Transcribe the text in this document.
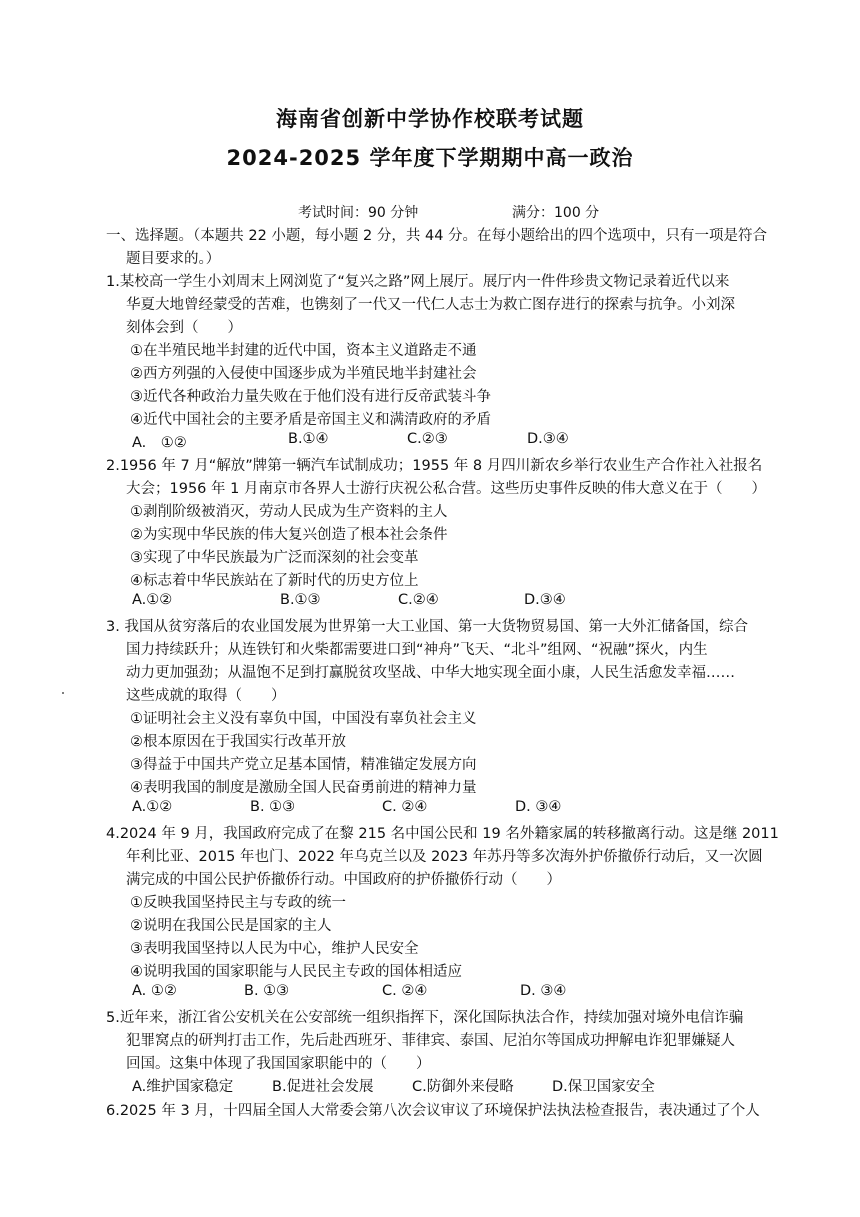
海南省创新中学协作校联考试题
2024-2025 学年度下学期期中高一政治
考试时间：90 分钟	满分：100 分
一、选择题。（本题共 22 小题，每小题 2 分，共 44 分。在每小题给出的四个选项中，只有一项是符合
题目要求的。）
1.某校高一学生小刘周末上网浏览了“复兴之路”网上展厅。展厅内一件件珍贵文物记录着近代以来
华夏大地曾经蒙受的苦难，也镌刻了一代又一代仁人志士为救亡图存进行的探索与抗争。小刘深
刻体会到（　　）
①在半殖民地半封建的近代中国，资本主义道路走不通
②西方列强的入侵使中国逐步成为半殖民地半封建社会
③近代各种政治力量失败在于他们没有进行反帝武装斗争
④近代中国社会的主要矛盾是帝国主义和满清政府的矛盾
A.　①②	B.①④	C.②③	D.③④
2.1956 年 7 月“解放”牌第一辆汽车试制成功；1955 年 8 月四川新农乡举行农业生产合作社入社报名
大会；1956 年 1 月南京市各界人士游行庆祝公私合营。这些历史事件反映的伟大意义在于（　　）
①剥削阶级被消灭，劳动人民成为生产资料的主人
②为实现中华民族的伟大复兴创造了根本社会条件
③实现了中华民族最为广泛而深刻的社会变革
④标志着中华民族站在了新时代的历史方位上
A.①②	B.①③	C.②④	D.③④
3. 我国从贫穷落后的农业国发展为世界第一大工业国、第一大货物贸易国、第一大外汇储备国，综合
国力持续跃升；从连铁钉和火柴都需要进口到“神舟”飞天、“北斗”组网、“祝融”探火，内生
动力更加强劲；从温饱不足到打赢脱贫攻坚战、中华大地实现全面小康，人民生活愈发幸福……
这些成就的取得（　　）
①证明社会主义没有辜负中国，中国没有辜负社会主义
②根本原因在于我国实行改革开放
③得益于中国共产党立足基本国情，精准锚定发展方向
④表明我国的制度是激励全国人民奋勇前进的精神力量
A.①②	B. ①③	C. ②④	D. ③④
4.2024 年 9 月，我国政府完成了在黎 215 名中国公民和 19 名外籍家属的转移撤离行动。这是继 2011
年利比亚、2015 年也门、2022 年乌克兰以及 2023 年苏丹等多次海外护侨撤侨行动后，又一次圆
满完成的中国公民护侨撤侨行动。中国政府的护侨撤侨行动（　　）
①反映我国坚持民主与专政的统一
②说明在我国公民是国家的主人
③表明我国坚持以人民为中心，维护人民安全
④说明我国的国家职能与人民民主专政的国体相适应
A. ①②	B. ①③	C. ②④	D. ③④
5.近年来，浙江省公安机关在公安部统一组织指挥下，深化国际执法合作，持续加强对境外电信诈骗
犯罪窝点的研判打击工作，先后赴西班牙、菲律宾、泰国、尼泊尔等国成功押解电诈犯罪嫌疑人
回国。这集中体现了我国国家职能中的（　　）
A.维护国家稳定	B.促进社会发展	C.防御外来侵略	D.保卫国家安全
6.2025 年 3 月，十四届全国人大常委会第八次会议审议了环境保护法执法检查报告，表决通过了个人
